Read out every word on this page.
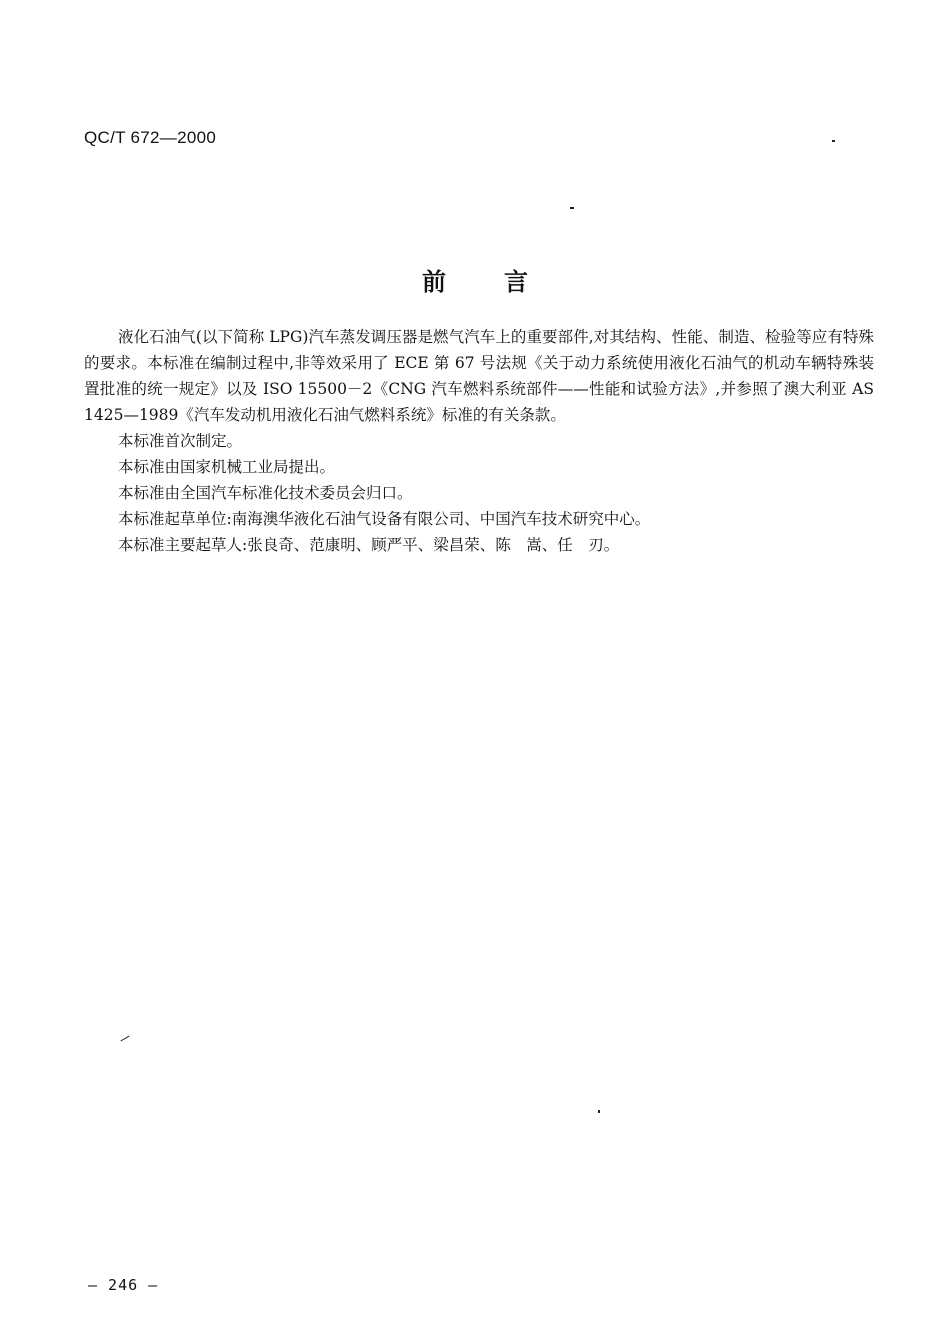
QC/T 672—2000
前言

液化石油气(以下简称 LPG)汽车蒸发调压器是燃气汽车上的重要部件,对其结构、性能、制造、检验等应有特殊的要求。本标准在编制过程中,非等效采用了 ECE 第 67 号法规《关于动力系统使用液化石油气的机动车辆特殊装置批准的统一规定》以及 ISO 15500－2《CNG 汽车燃料系统部件——性能和试验方法》,并参照了澳大利亚 AS 1425—1989《汽车发动机用液化石油气燃料系统》标准的有关条款。

本标准首次制定。

本标准由国家机械工业局提出。

本标准由全国汽车标准化技术委员会归口。

本标准起草单位:南海澳华液化石油气设备有限公司、中国汽车技术研究中心。

本标准主要起草人:张良奇、范康明、顾严平、梁昌荣、陈　嵩、任　刃。

— 246 —
